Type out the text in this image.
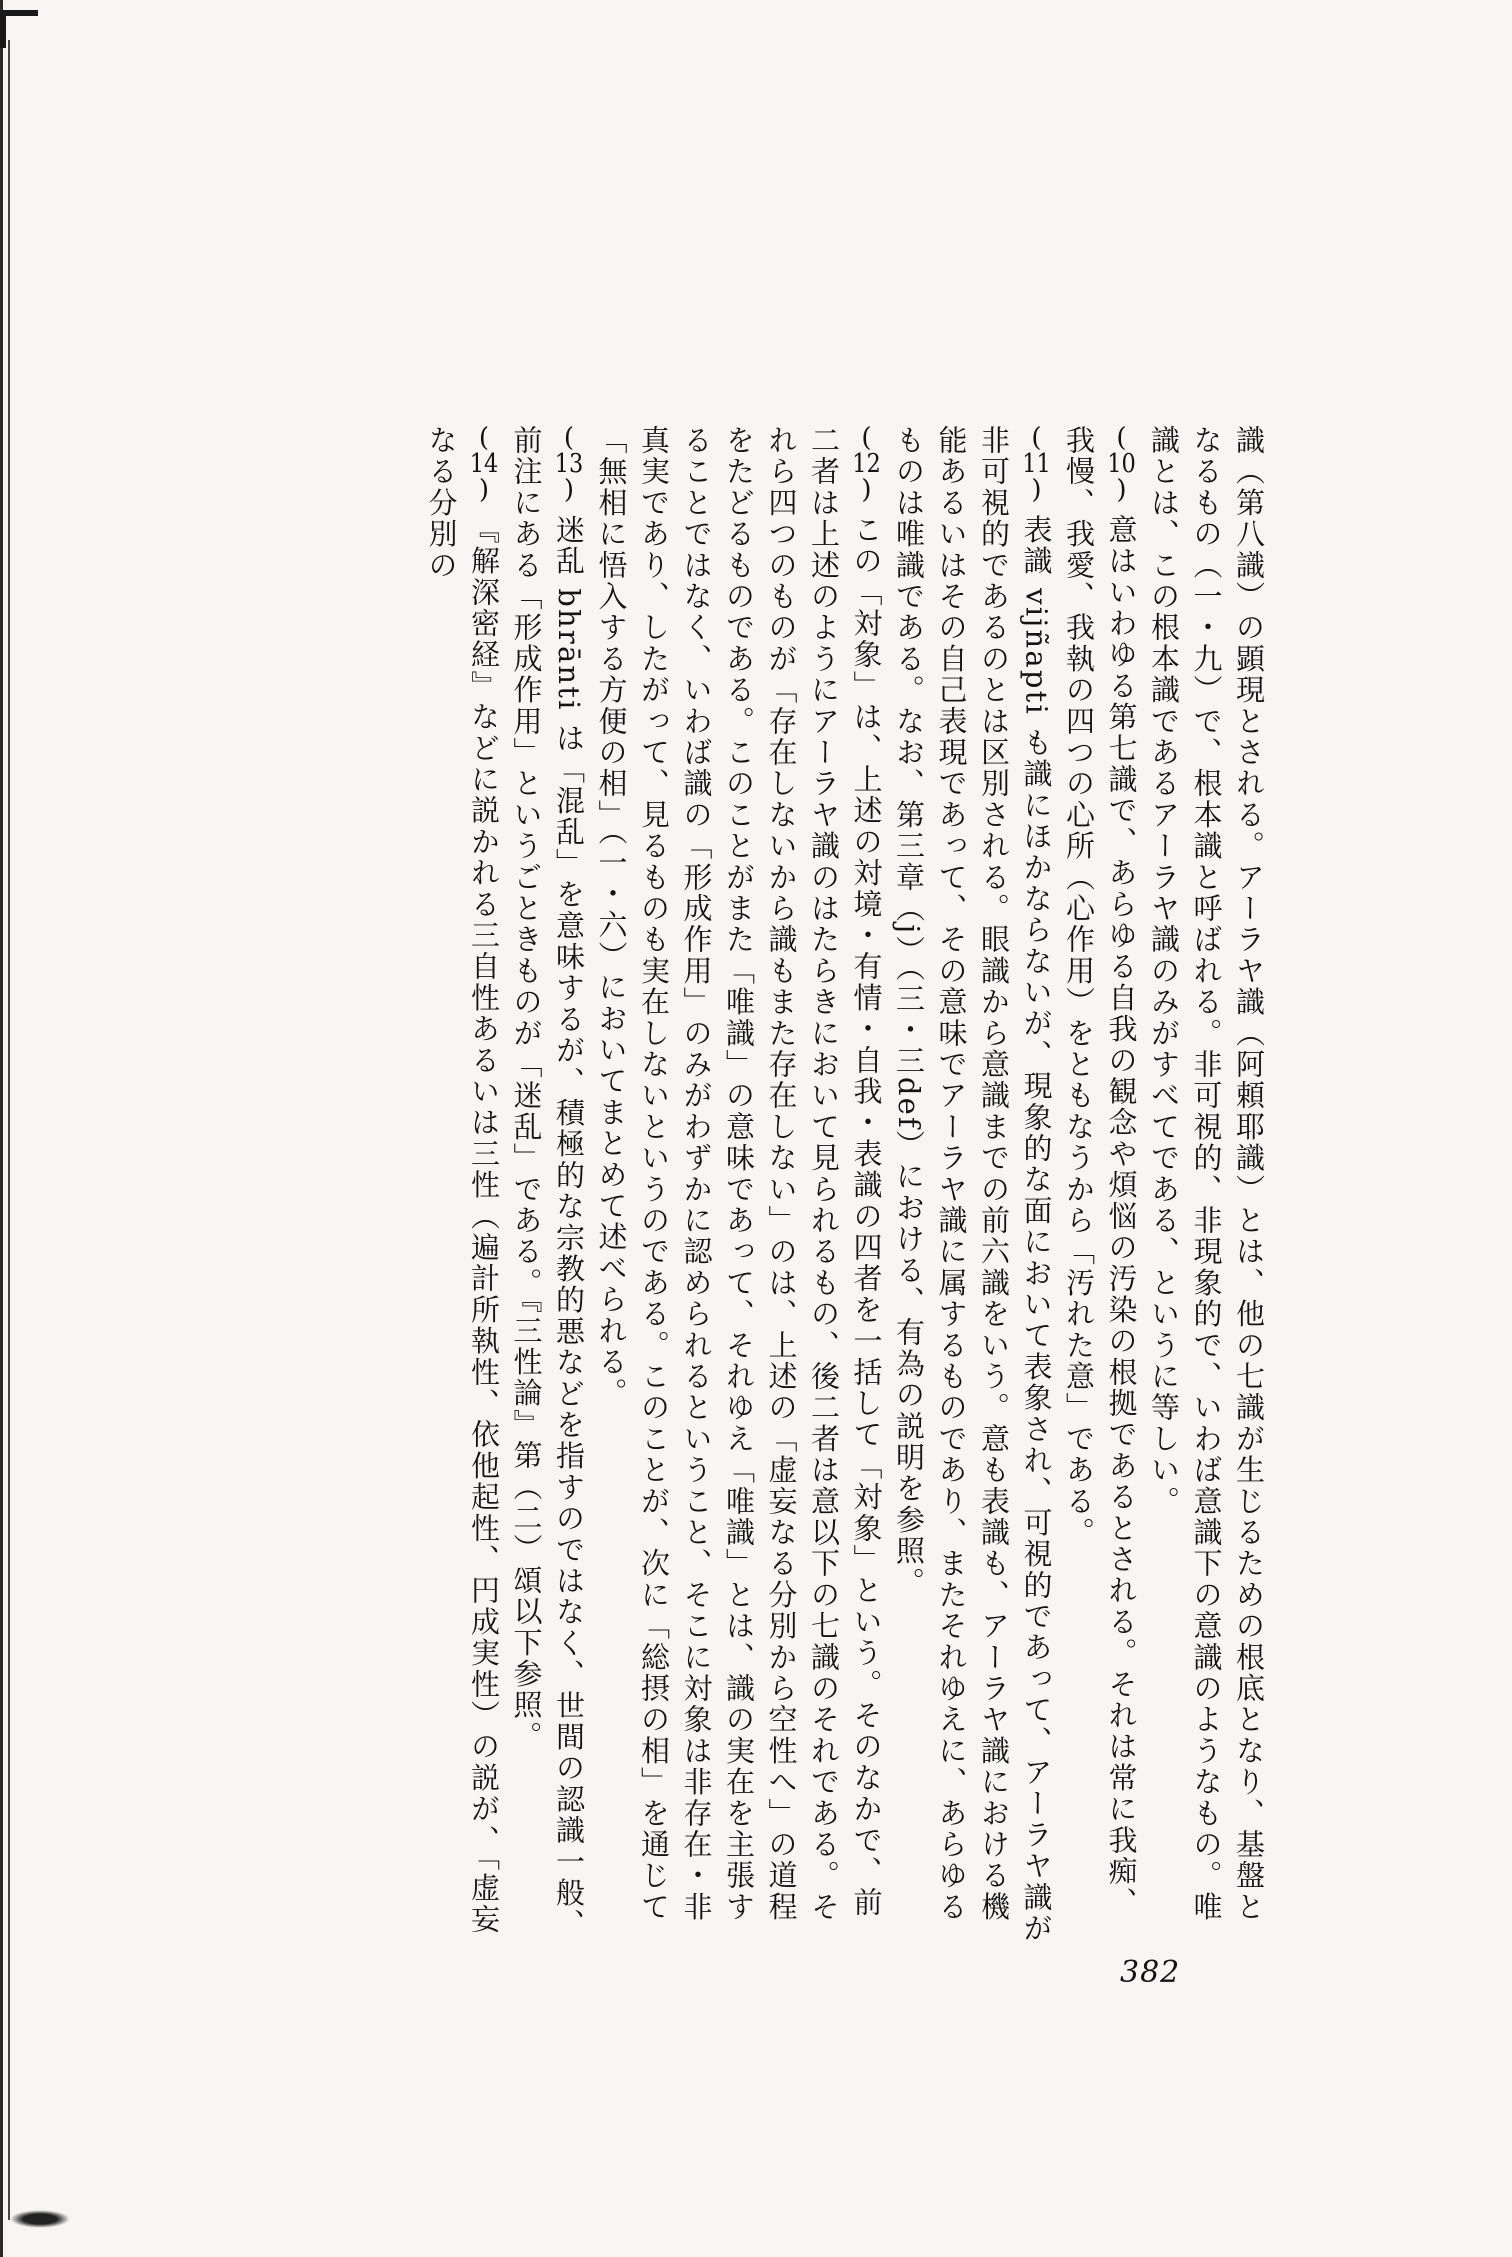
382

識（第八識）の顕現とされる。アーラヤ識（阿頼耶識）とは、他の七識が生じるための根底となり、基盤となるもの（一・九）で、根本識と呼ばれる。非可視的、非現象的で、いわば意識下の意識のようなもの。唯識とは、この根本識であるアーラヤ識のみがすべてである、というに等しい。

(10) 意はいわゆる第七識で、あらゆる自我の観念や煩悩の汚染の根拠であるとされる。それは常に我痴、我慢、我愛、我執の四つの心所（心作用）をともなうから「汚れた意」である。

(11) 表識 vijñapti も識にほかならないが、現象的な面において表象され、可視的であって、アーラヤ識が非可視的であるのとは区別される。眼識から意識までの前六識をいう。意も表識も、アーラヤ識における機能あるいはその自己表現であって、その意味でアーラヤ識に属するものであり、またそれゆえに、あらゆるものは唯識である。なお、第三章（j）（三・三def）における、有為の説明を参照。

(12) この「対象」は、上述の対境・有情・自我・表識の四者を一括して「対象」という。そのなかで、前二者は上述のようにアーラヤ識のはたらきにおいて見られるもの、後二者は意以下の七識のそれである。それら四つのものが「存在しないから識もまた存在しない」のは、上述の「虚妄なる分別から空性へ」の道程をたどるものである。このことがまた「唯識」の意味であって、それゆえ「唯識」とは、識の実在を主張することではなく、いわば識の「形成作用」のみがわずかに認められるということ、そこに対象は非存在・非真実であり、したがって、見るものも実在しないというのである。このことが、次に「総摂の相」を通じて「無相に悟入する方便の相」（一・六）においてまとめて述べられる。

(13) 迷乱 bhrānti は「混乱」を意味するが、積極的な宗教的悪などを指すのではなく、世間の認識一般、前注にある「形成作用」というごときものが「迷乱」である。『三性論』第（二）頌以下参照。

(14) 『解深密経』などに説かれる三自性あるいは三性（遍計所執性、依他起性、円成実性）の説が、「虚妄なる分別の
